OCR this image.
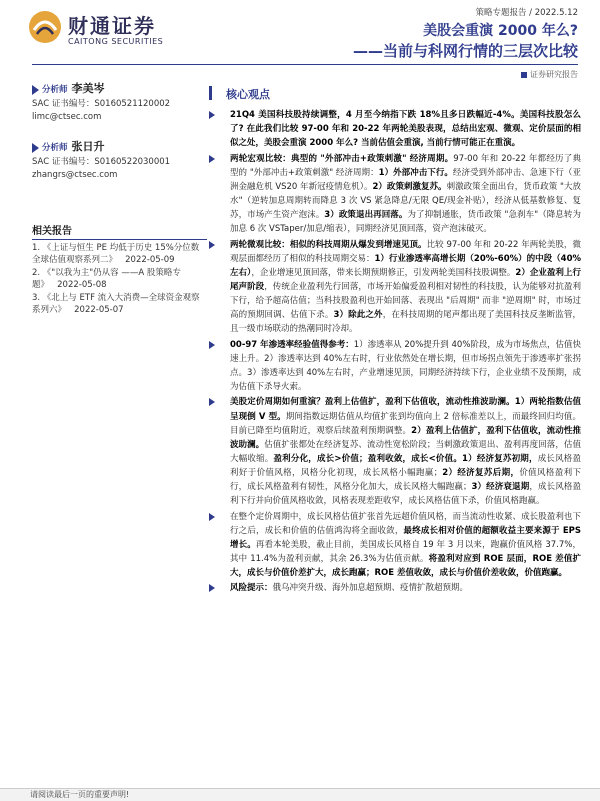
财通证券
CAITONG SECURITIES
策略专题报告 / 2022.5.12
美股会重演 2000 年么?
——当前与科网行情的三层次比较
证券研究报告
分析师 李美岑
SAC 证书编号：S0160521120002
limc@ctsec.com
分析师 张日升
SAC 证书编号：S0160522030001
zhangrs@ctsec.com
相关报告
1. 《上证与恒生 PE 均低于历史 15%分位数 全球估值观察系列二》 2022-05-09
2. 《"以我为主"仍从容 ——A 股策略专题》 2022-05-08
3. 《北上与 ETF 流入大消费—全球资金观察系列六》 2022-05-07
核心观点

21Q4 美国科技股持续调整，4 月至今纳指下跌 18%且多日跌幅近-4%。美国科技股怎么了? 在此我们比较 97-00 年和 20-22 年两轮美股表现，总结出宏观、微观、定价层面的相似之处，美股会重演 2000 年么? 当前估值会重演, 当前行情可能正在重演。

两轮宏观比较：典型的 "外部冲击+政策刺激" 经济周期。97-00 年和 20-22 年都经历了典型的 "外部冲击+政策刺激" 经济周期：1）外部冲击下行。经济受到外部冲击、急速下行（亚洲金融危机 VS20 年新冠疫情危机）。2）政策刺激复苏。刺激政策全面出台，货币政策 "大放水"（逆转加息周期转而降息 3 次 VS 紧急降息/无限 QE/现金补贴），经济从低基数修复、复苏，市场产生资产泡沫。3）政策退出再回落。为了抑制通胀，货币政策 "急刹车"（降息转为加息 6 次 VSTaper/加息/缩表），同期经济见顶回落，资产泡沫破灭。

两轮微观比较：相似的科技周期从爆发到增速见顶。比较 97-00 年和 20-22 年两轮美股，微观层面都经历了相似的科技周期交易：1）行业渗透率高增长期（20%-60%）的中段（40%左右），企业增速见顶回落，带来长期预期修正，引发两轮美国科技股调整。2）企业盈利上行尾声阶段，传统企业盈利先行回落，市场开始偏爱盈利相对韧性的科技股，认为能够对抗盈利下行，给予超高估值；当科技股盈利也开始回落、表现出 "后周期" 而非 "逆周期" 时，市场过高的预期回调、估值下杀。3）除此之外，在科技周期的尾声都出现了美国科技反垄断监管，且一级市场联动的热潮同时冷却。

00-97 年渗透率经验值得参考：1）渗透率从 20%提升到 40%阶段，成为市场焦点，估值快速上升。2）渗透率达到 40%左右时，行业依然处在增长期，但市场拐点领先于渗透率扩张拐点。3）渗透率达到 40%左右时，产业增速见顶，同期经济持续下行，企业业绩不及预期，成为估值下杀导火索。

美股定价周期如何重演？盈利上估值扩，盈利下估值收，流动性推波助澜。1）两轮指数估值呈现倒 V 型。期间指数远期估值从均值扩张到均值向上 2 倍标准差以上，而最终回归均值。目前已降至均值附近，观察后续盈利预期调整。2）盈利上估值扩，盈利下估值收，流动性推波助澜。估值扩张都处在经济复苏、流动性宽松阶段；当刺激政策退出、盈利再度回落，估值大幅收缩。盈利分化，成长>价值；盈利收敛，成长<价值。1）经济复苏初期，成长风格盈利好于价值风格，风格分化初现，成长风格小幅跑赢；2）经济复苏后期，价值风格盈利下行，成长风格盈利有韧性，风格分化加大，成长风格大幅跑赢；3）经济衰退期，成长风格盈利下行并向价值风格收敛，风格表现差距收窄，成长风格估值下杀，价值风格跑赢。

在整个定价周期中，成长风格估值扩张首先远超价值风格，而当流动性收紧、成长股盈利也下行之后，成长和价值的估值鸿沟将全面收敛，最终成长相对价值的超额收益主要来源于 EPS 增长。再看本轮美股，截止目前，美国成长风格自 19 年 3 月以来，跑赢价值风格 37.7%，其中 11.4%为盈利贡献，其余 26.3%为估值贡献。将盈利对应到 ROE 层面，ROE 差值扩大，成长与价值价差扩大，成长跑赢；ROE 差值收敛，成长与价值价差收敛，价值跑赢。

风险提示：俄乌冲突升级、海外加息超预期、疫情扩散超预期。

请阅读最后一页的重要声明!
